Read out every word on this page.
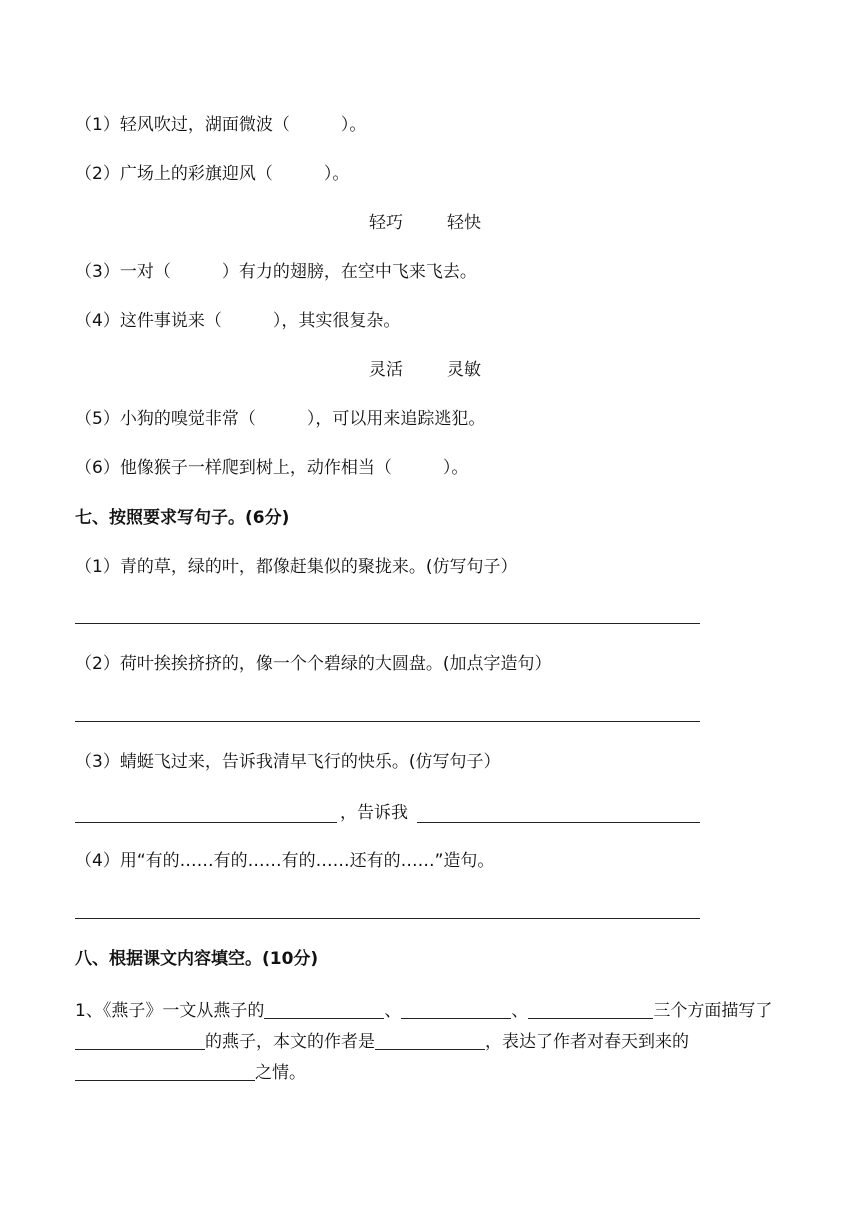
（1）轻风吹过，湖面微波（　　　）。
（2）广场上的彩旗迎风（　　　）。
轻巧	轻快
（3）一对（　　　）有力的翅膀，在空中飞来飞去。
（4）这件事说来（　　　），其实很复杂。
灵活	灵敏
（5）小狗的嗅觉非常（　　　），可以用来追踪逃犯。
（6）他像猴子一样爬到树上，动作相当（　　　）。
七、按照要求写句子。(6分)
（1）青的草，绿的叶，都像赶集似的聚拢来。(仿写句子）
（2）荷叶挨挨挤挤的，像一个个碧绿的大圆盘。(加点字造句）
（3）蜻蜓飞过来，告诉我清早飞行的快乐。(仿写句子）
，告诉我
（4）用“有的……有的……有的……还有的……”造句。
八、根据课文内容填空。(10分)
1、《燕子》一文从燕子的	、	、	三个方面描写了的燕子，本文的作者是	，表达了作者对春天到来的之情。
